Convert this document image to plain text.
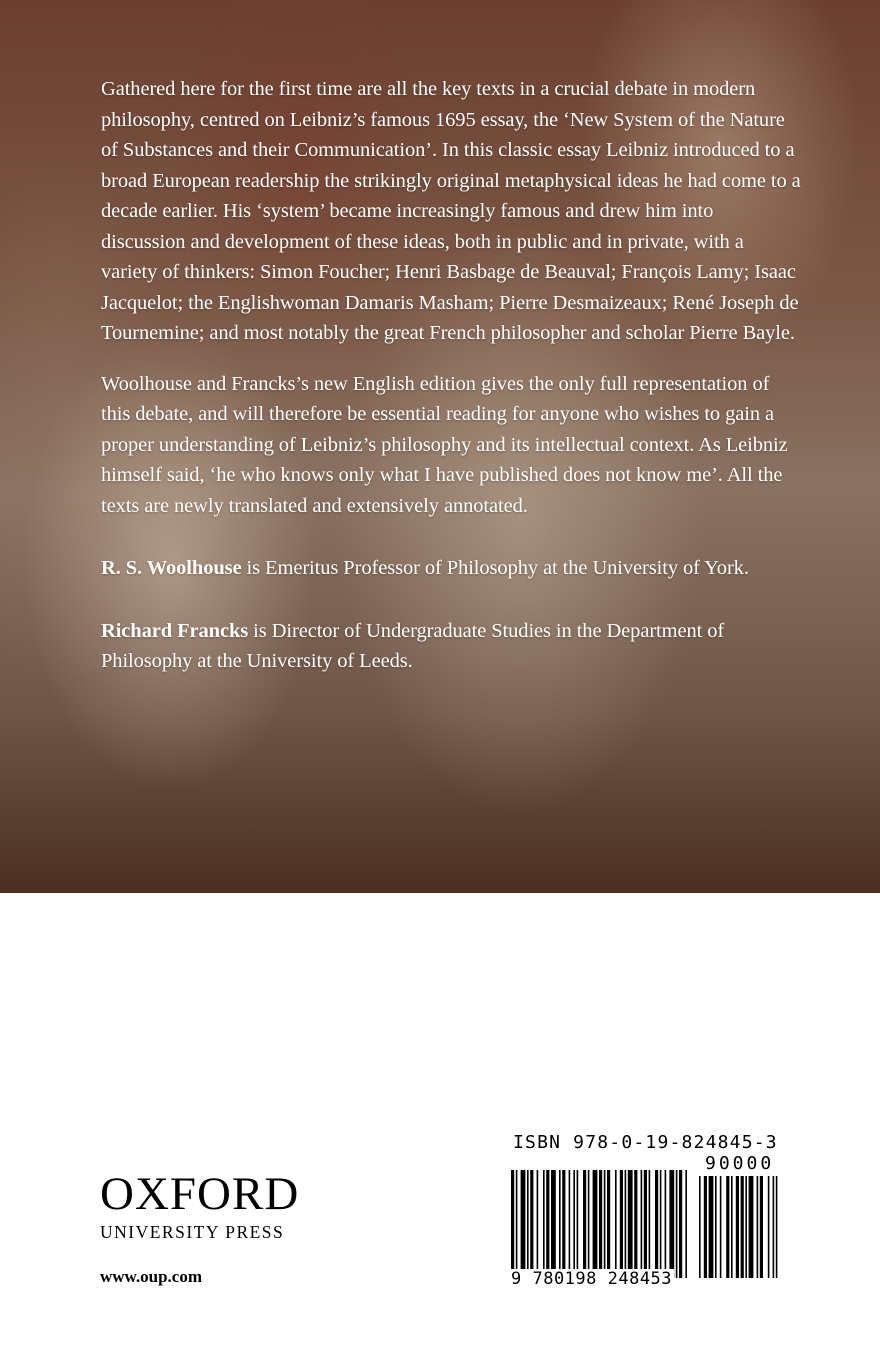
Gathered here for the first time are all the key texts in a crucial debate in modern philosophy, centred on Leibniz’s famous 1695 essay, the ‘New System of the Nature of Substances and their Communication’. In this classic essay Leibniz introduced to a broad European readership the strikingly original metaphysical ideas he had come to a decade earlier. His ‘system’ became increasingly famous and drew him into discussion and development of these ideas, both in public and in private, with a variety of thinkers: Simon Foucher; Henri Basbage de Beauval; François Lamy; Isaac Jacquelot; the Englishwoman Damaris Masham; Pierre Desmaizeaux; René Joseph de Tournemine; and most notably the great French philosopher and scholar Pierre Bayle.

Woolhouse and Francks’s new English edition gives the only full representation of this debate, and will therefore be essential reading for anyone who wishes to gain a proper understanding of Leibniz’s philosophy and its intellectual context. As Leibniz himself said, ‘he who knows only what I have published does not know me’. All the texts are newly translated and extensively annotated.

R. S. Woolhouse is Emeritus Professor of Philosophy at the University of York.

Richard Francks is Director of Undergraduate Studies in the Department of Philosophy at the University of Leeds.

OXFORD
UNIVERSITY PRESS
www.oup.com
ISBN 978-0-19-824845-3
90000
9 780198 248453
